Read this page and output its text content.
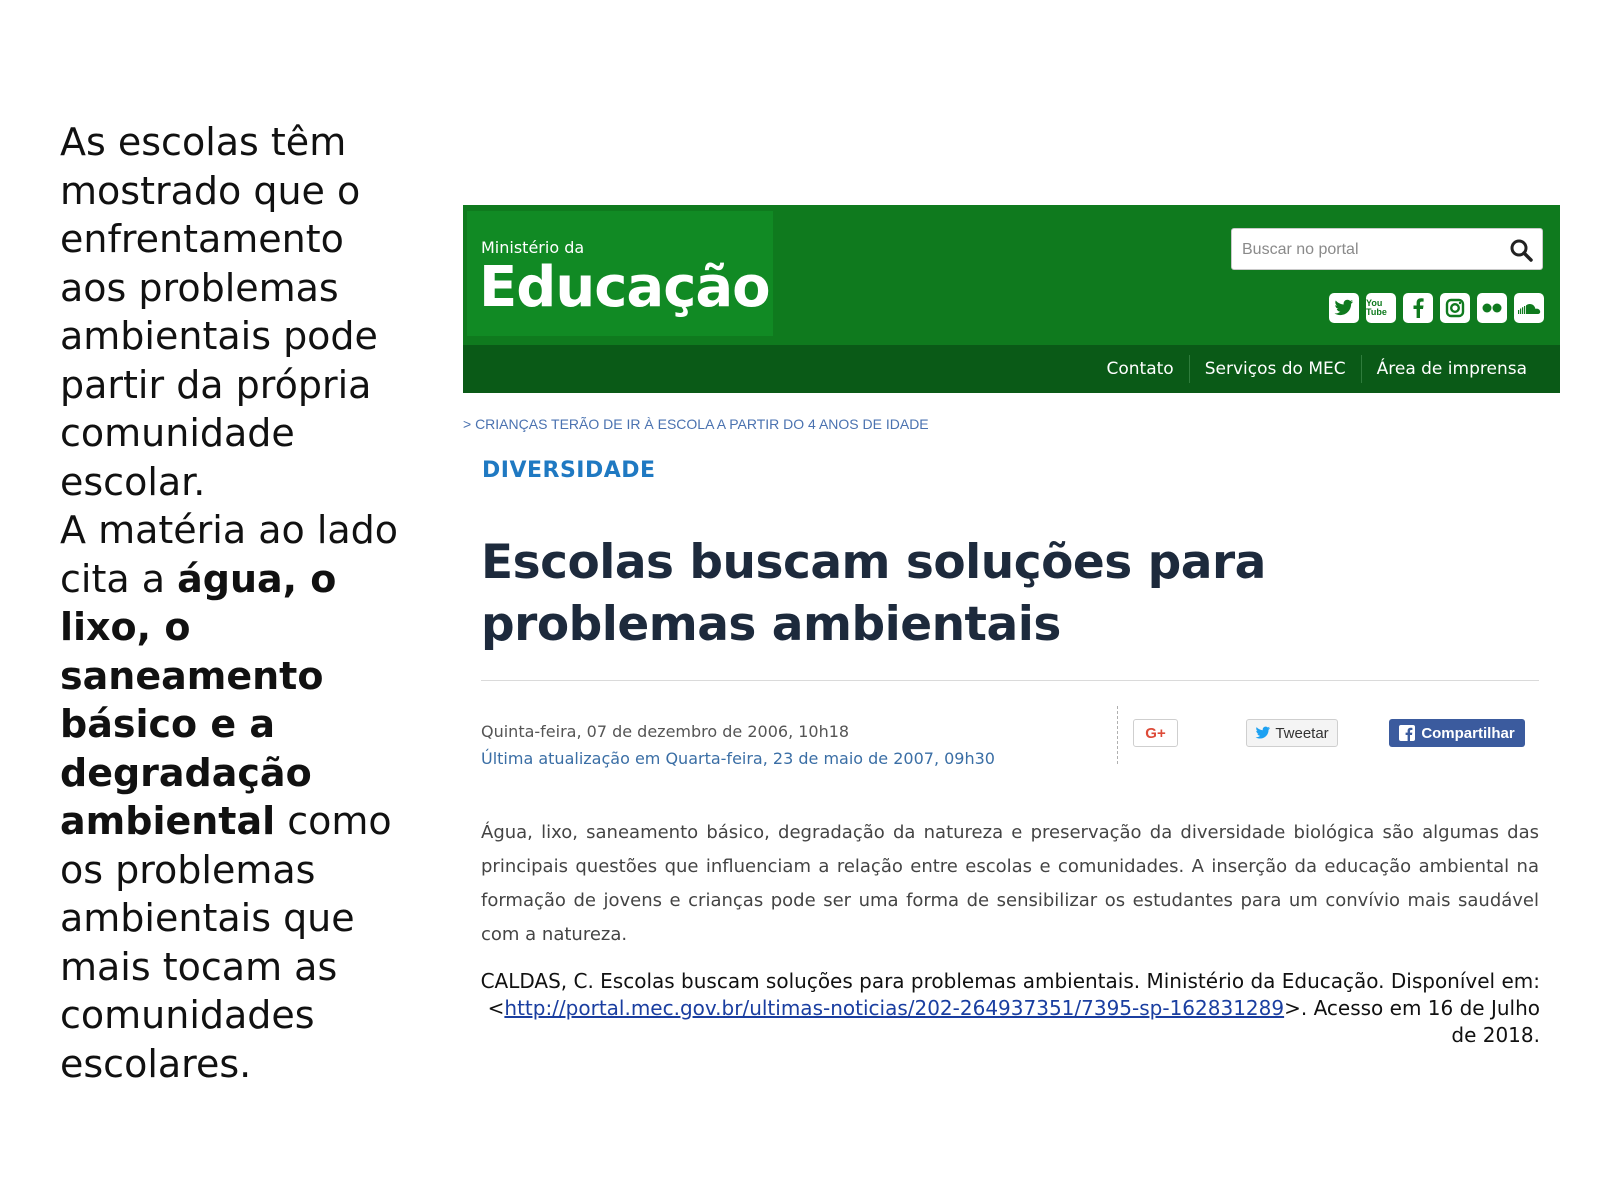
As escolas têm mostrado que o enfrentamento aos problemas ambientais pode partir da própria comunidade escolar.
A matéria ao lado cita a água, o lixo, o saneamento básico e a degradação ambiental como os problemas ambientais que mais tocam as comunidades escolares.
Ministério da
Educação
Buscar no portal	You Tube
Contato	Serviços do MEC	Área de imprensa
> CRIANÇAS TERÃO DE IR À ESCOLA A PARTIR DO 4 ANOS DE IDADE
DIVERSIDADE
Escolas buscam soluções para problemas ambientais
Quinta-feira, 07 de dezembro de 2006, 10h18
Última atualização em Quarta-feira, 23 de maio de 2007, 09h30
G+	Tweetar	Compartilhar

Água, lixo, saneamento básico, degradação da natureza e preservação da diversidade biológica são algumas das principais questões que influenciam a relação entre escolas e comunidades. A inserção da educação ambiental na formação de jovens e crianças pode ser uma forma de sensibilizar os estudantes para um convívio mais saudável com a natureza.

CALDAS, C. Escolas buscam soluções para problemas ambientais. Ministério da Educação. Disponível em: <http://portal.mec.gov.br/ultimas-noticias/202-264937351/7395-sp-162831289>. Acesso em 16 de Julho de 2018.
